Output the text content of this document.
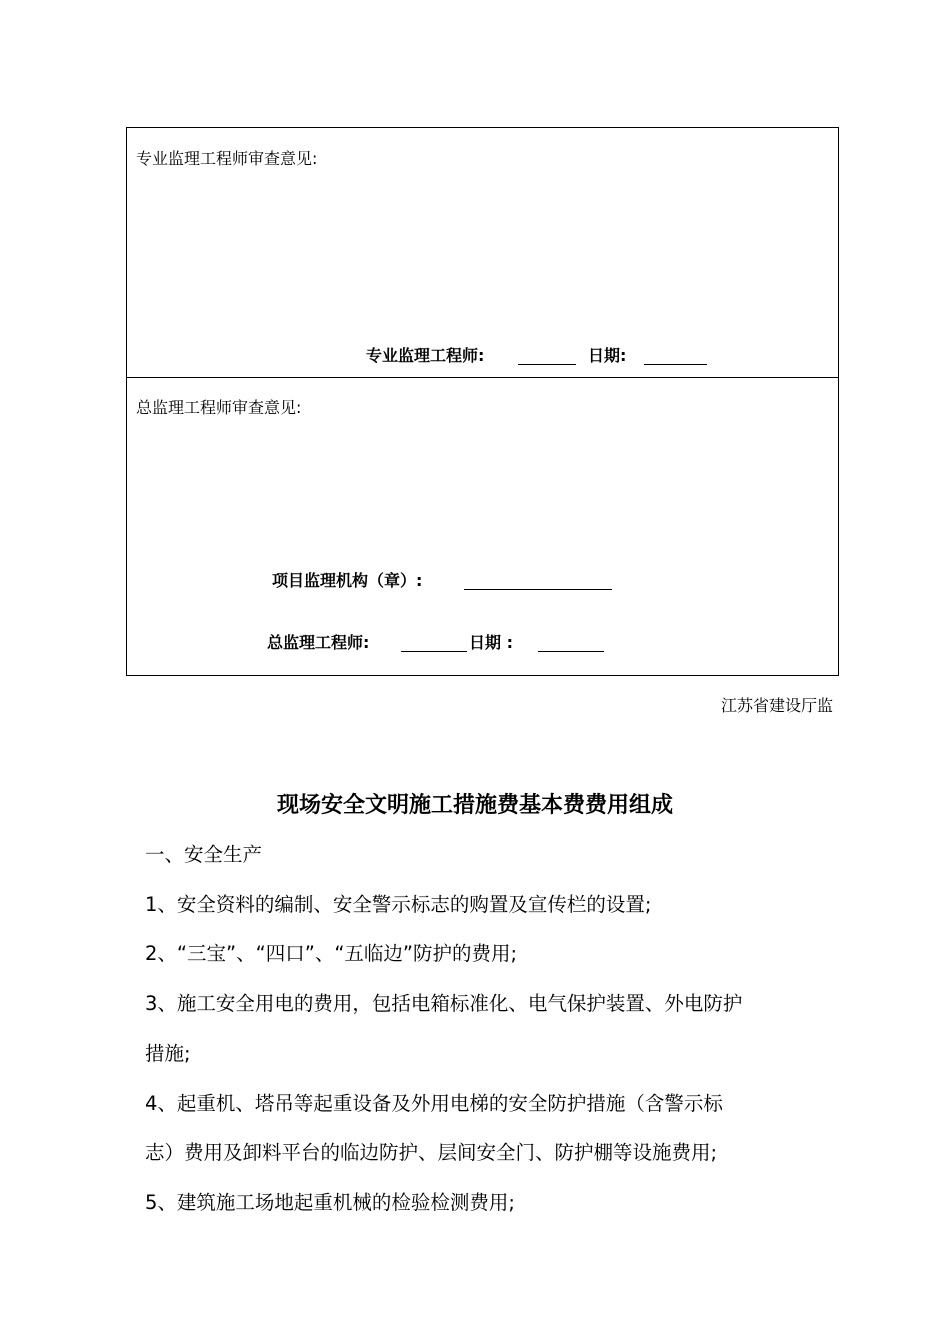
专业监理工程师审查意见:
专业监理工程师:	日期:
总监理工程师审查意见:
项目监理机构（章）:
总监理工程师:	日期 :
江苏省建设厅监
现场安全文明施工措施费基本费费用组成
一、安全生产
1、安全资料的编制、安全警示标志的购置及宣传栏的设置;
2、“三宝”、“四口”、“五临边”防护的费用;
3、施工安全用电的费用，包括电箱标准化、电气保护装置、外电防护
措施;
4、起重机、塔吊等起重设备及外用电梯的安全防护措施（含警示标
志）费用及卸料平台的临边防护、层间安全门、防护棚等设施费用;
5、建筑施工场地起重机械的检验检测费用;
